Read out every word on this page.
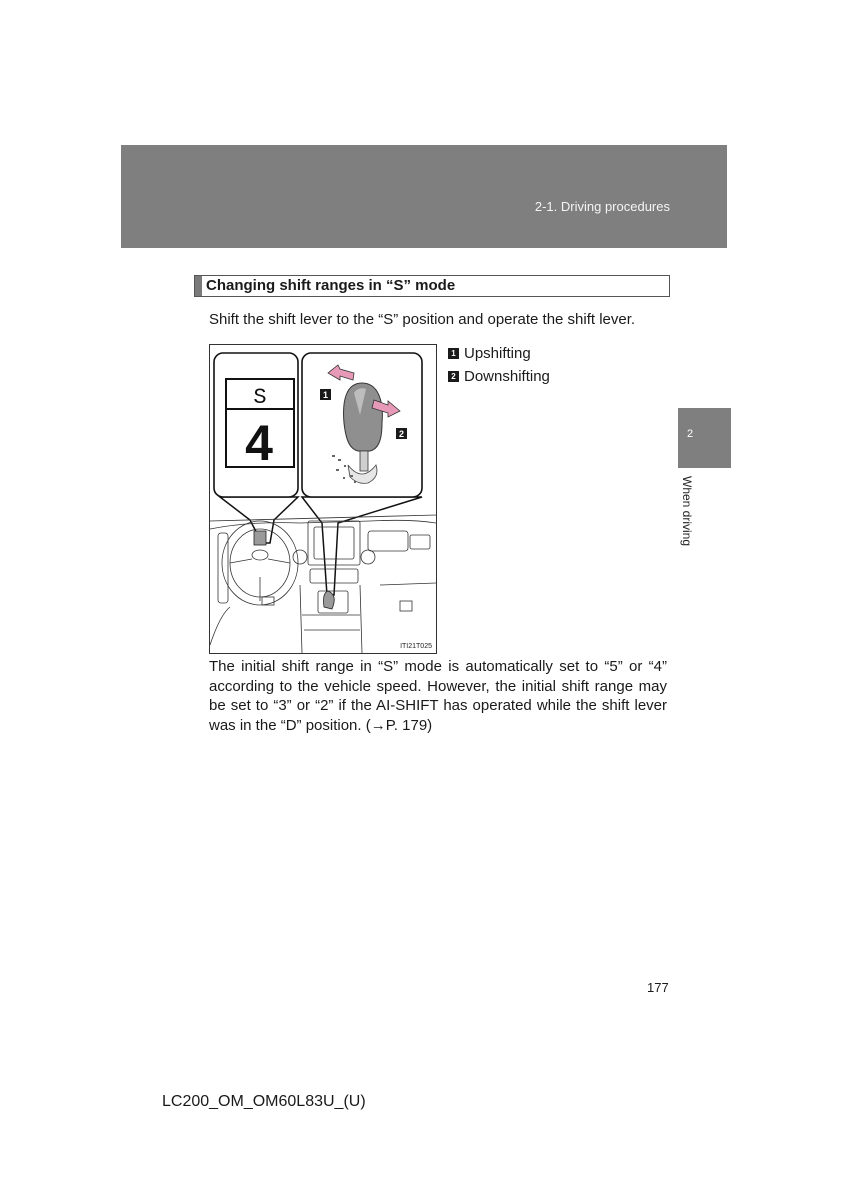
2-1. Driving procedures
Changing shift ranges in “S” mode
Shift the shift lever to the “S” position and operate the shift lever.
S
4
1
2
ITI21T025
1 Upshifting
2 Downshifting
The initial shift range in “S” mode is automatically set to “5” or “4” according to the vehicle speed. However, the initial shift range may be set to “3” or “2” if the AI-SHIFT has operated while the shift lever was in the “D” position. (→P. 179)
2
When driving
177
LC200_OM_OM60L83U_(U)
